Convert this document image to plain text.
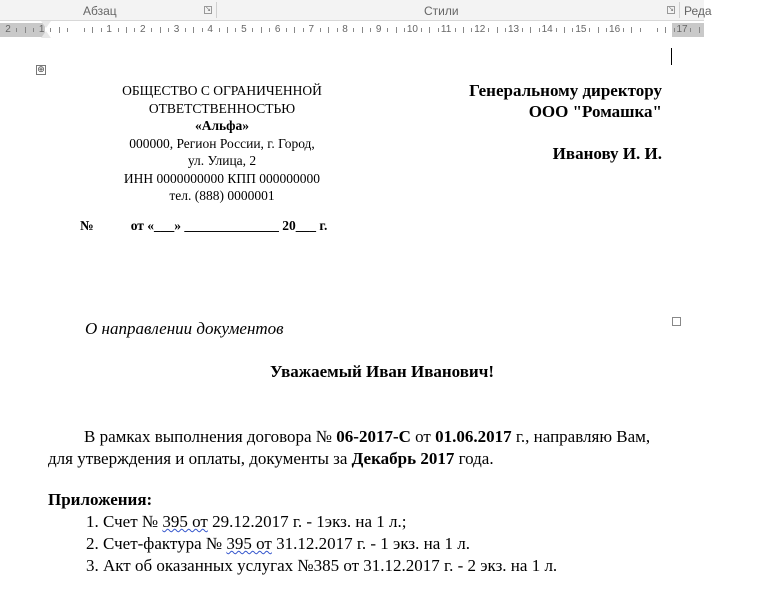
Абзац	↘	Стили	↘ Реда
2	1	1	2	3	4	5	6	7	8	9	10 11 12 13 14 15 16	17
⊕
ОБЩЕСТВО С ОГРАНИЧЕННОЙ
ОТВЕТСТВЕННОСТЬЮ
«Альфа»
000000, Регион России, г. Город,
ул. Улица, 2
ИНН 0000000000 КПП 000000000
тел. (888) 0000001
Генеральному директору
ООО "Ромашка"
Иванову И. И.
№           от «___» ______________ 20___ г.
О направлении документов
Уважаемый Иван Иванович!
В рамках выполнения договора № 06-2017-С от 01.06.2017 г., направляю Вам, для утверждения и оплаты, документы за Декабрь 2017 года.
Приложения:
1. Счет № 395 от 29.12.2017 г. - 1экз. на 1 л.;
2. Счет-фактура № 395 от 31.12.2017 г. - 1 экз. на 1 л.
3. Акт об оказанных услугах №385 от 31.12.2017 г. - 2 экз. на 1 л.
